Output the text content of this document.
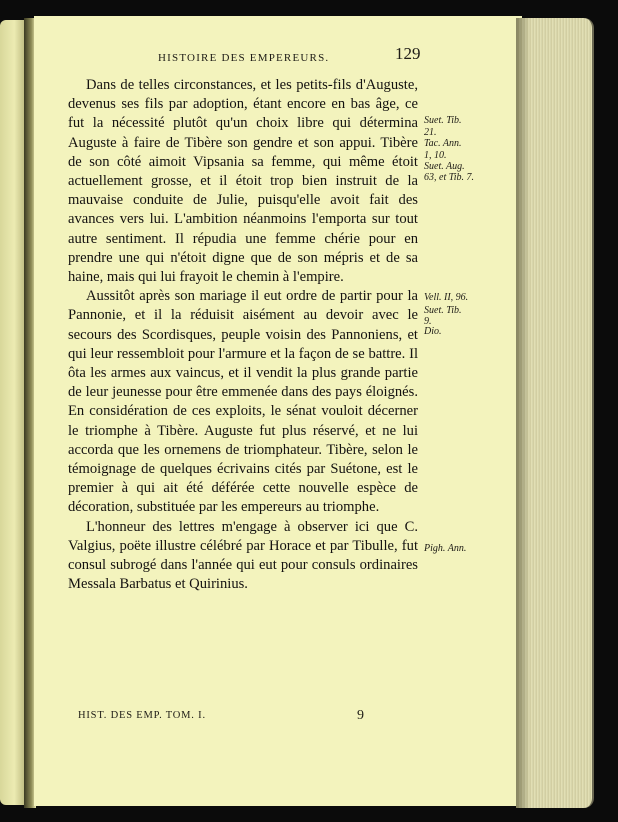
HISTOIRE DES EMPEREURS.	129

Dans de telles circonstances, et les petits-fils d'Auguste, devenus ses fils par adoption, étant encore en bas âge, ce fut la nécessité plutôt qu'un choix libre qui détermina Auguste à faire de Tibère son gendre et son appui. Tibère de son côté aimoit Vipsania sa femme, qui même étoit actuellement grosse, et il étoit trop bien instruit de la mauvaise conduite de Julie, puisqu'elle avoit fait des avances vers lui. L'ambition néanmoins l'emporta sur tout autre sentiment. Il répudia une femme chérie pour en prendre une qui n'étoit digne que de son mépris et de sa haine, mais qui lui frayoit le chemin à l'empire.

Aussitôt après son mariage il eut ordre de partir pour la Pannonie, et il la réduisit aisément au devoir avec le secours des Scordisques, peuple voisin des Pannoniens, et qui leur ressembloit pour l'armure et la façon de se battre. Il ôta les armes aux vaincus, et il vendit la plus grande partie de leur jeunesse pour être emmenée dans des pays éloignés. En considération de ces exploits, le sénat vouloit décerner le triomphe à Tibère. Auguste fut plus réservé, et ne lui accorda que les ornemens de triomphateur. Tibère, selon le témoignage de quelques écrivains cités par Suétone, est le premier à qui ait été déférée cette nouvelle espèce de décoration, substituée par les empereurs au triomphe.

L'honneur des lettres m'engage à observer ici que C. Valgius, poëte illustre célébré par Horace et par Tibulle, fut consul subrogé dans l'année qui eut pour consuls ordinaires Messala Barbatus et Quirinius.

Suet. Tib.
21.
Tac. Ann.
1, 10.
Suet. Aug.
63, et Tib. 7.
Vell. II, 96.
Suet. Tib.
9.
Dio.
Pigh. Ann.
HIST. DES EMP. TOM. I.	9
